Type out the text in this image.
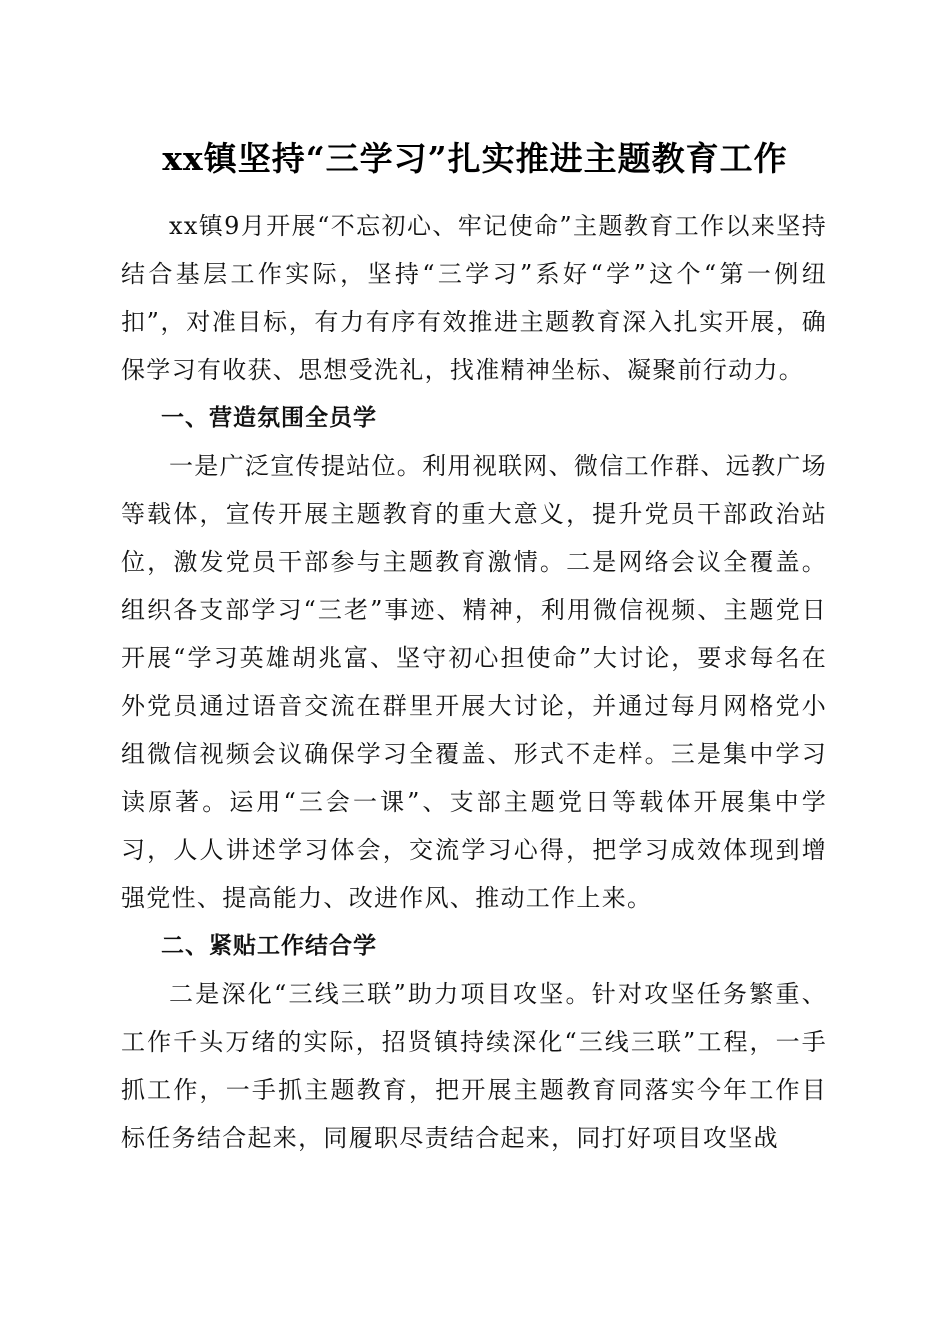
xx镇坚持“三学习”扎实推进主题教育工作

xx镇9月开展“不忘初心、牢记使命”主题教育工作以来坚持结合基层工作实际，坚持“三学习”系好“学”这个“第一例纽扣”，对准目标，有力有序有效推进主题教育深入扎实开展，确保学习有收获、思想受洗礼，找准精神坐标、凝聚前行动力。

一、营造氛围全员学

一是广泛宣传提站位。利用视联网、微信工作群、远教广场等载体，宣传开展主题教育的重大意义，提升党员干部政治站位，激发党员干部参与主题教育激情。二是网络会议全覆盖。组织各支部学习“三老”事迹、精神，利用微信视频、主题党日开展“学习英雄胡兆富、坚守初心担使命”大讨论，要求每名在外党员通过语音交流在群里开展大讨论，并通过每月网格党小组微信视频会议确保学习全覆盖、形式不走样。三是集中学习读原著。运用“三会一课”、支部主题党日等载体开展集中学习，人人讲述学习体会，交流学习心得，把学习成效体现到增强党性、提高能力、改进作风、推动工作上来。

二、紧贴工作结合学

二是深化“三线三联”助力项目攻坚。针对攻坚任务繁重、工作千头万绪的实际，招贤镇持续深化“三线三联”工程，一手抓工作，一手抓主题教育，把开展主题教育同落实今年工作目标任务结合起来，同履职尽责结合起来，同打好项目攻坚战
